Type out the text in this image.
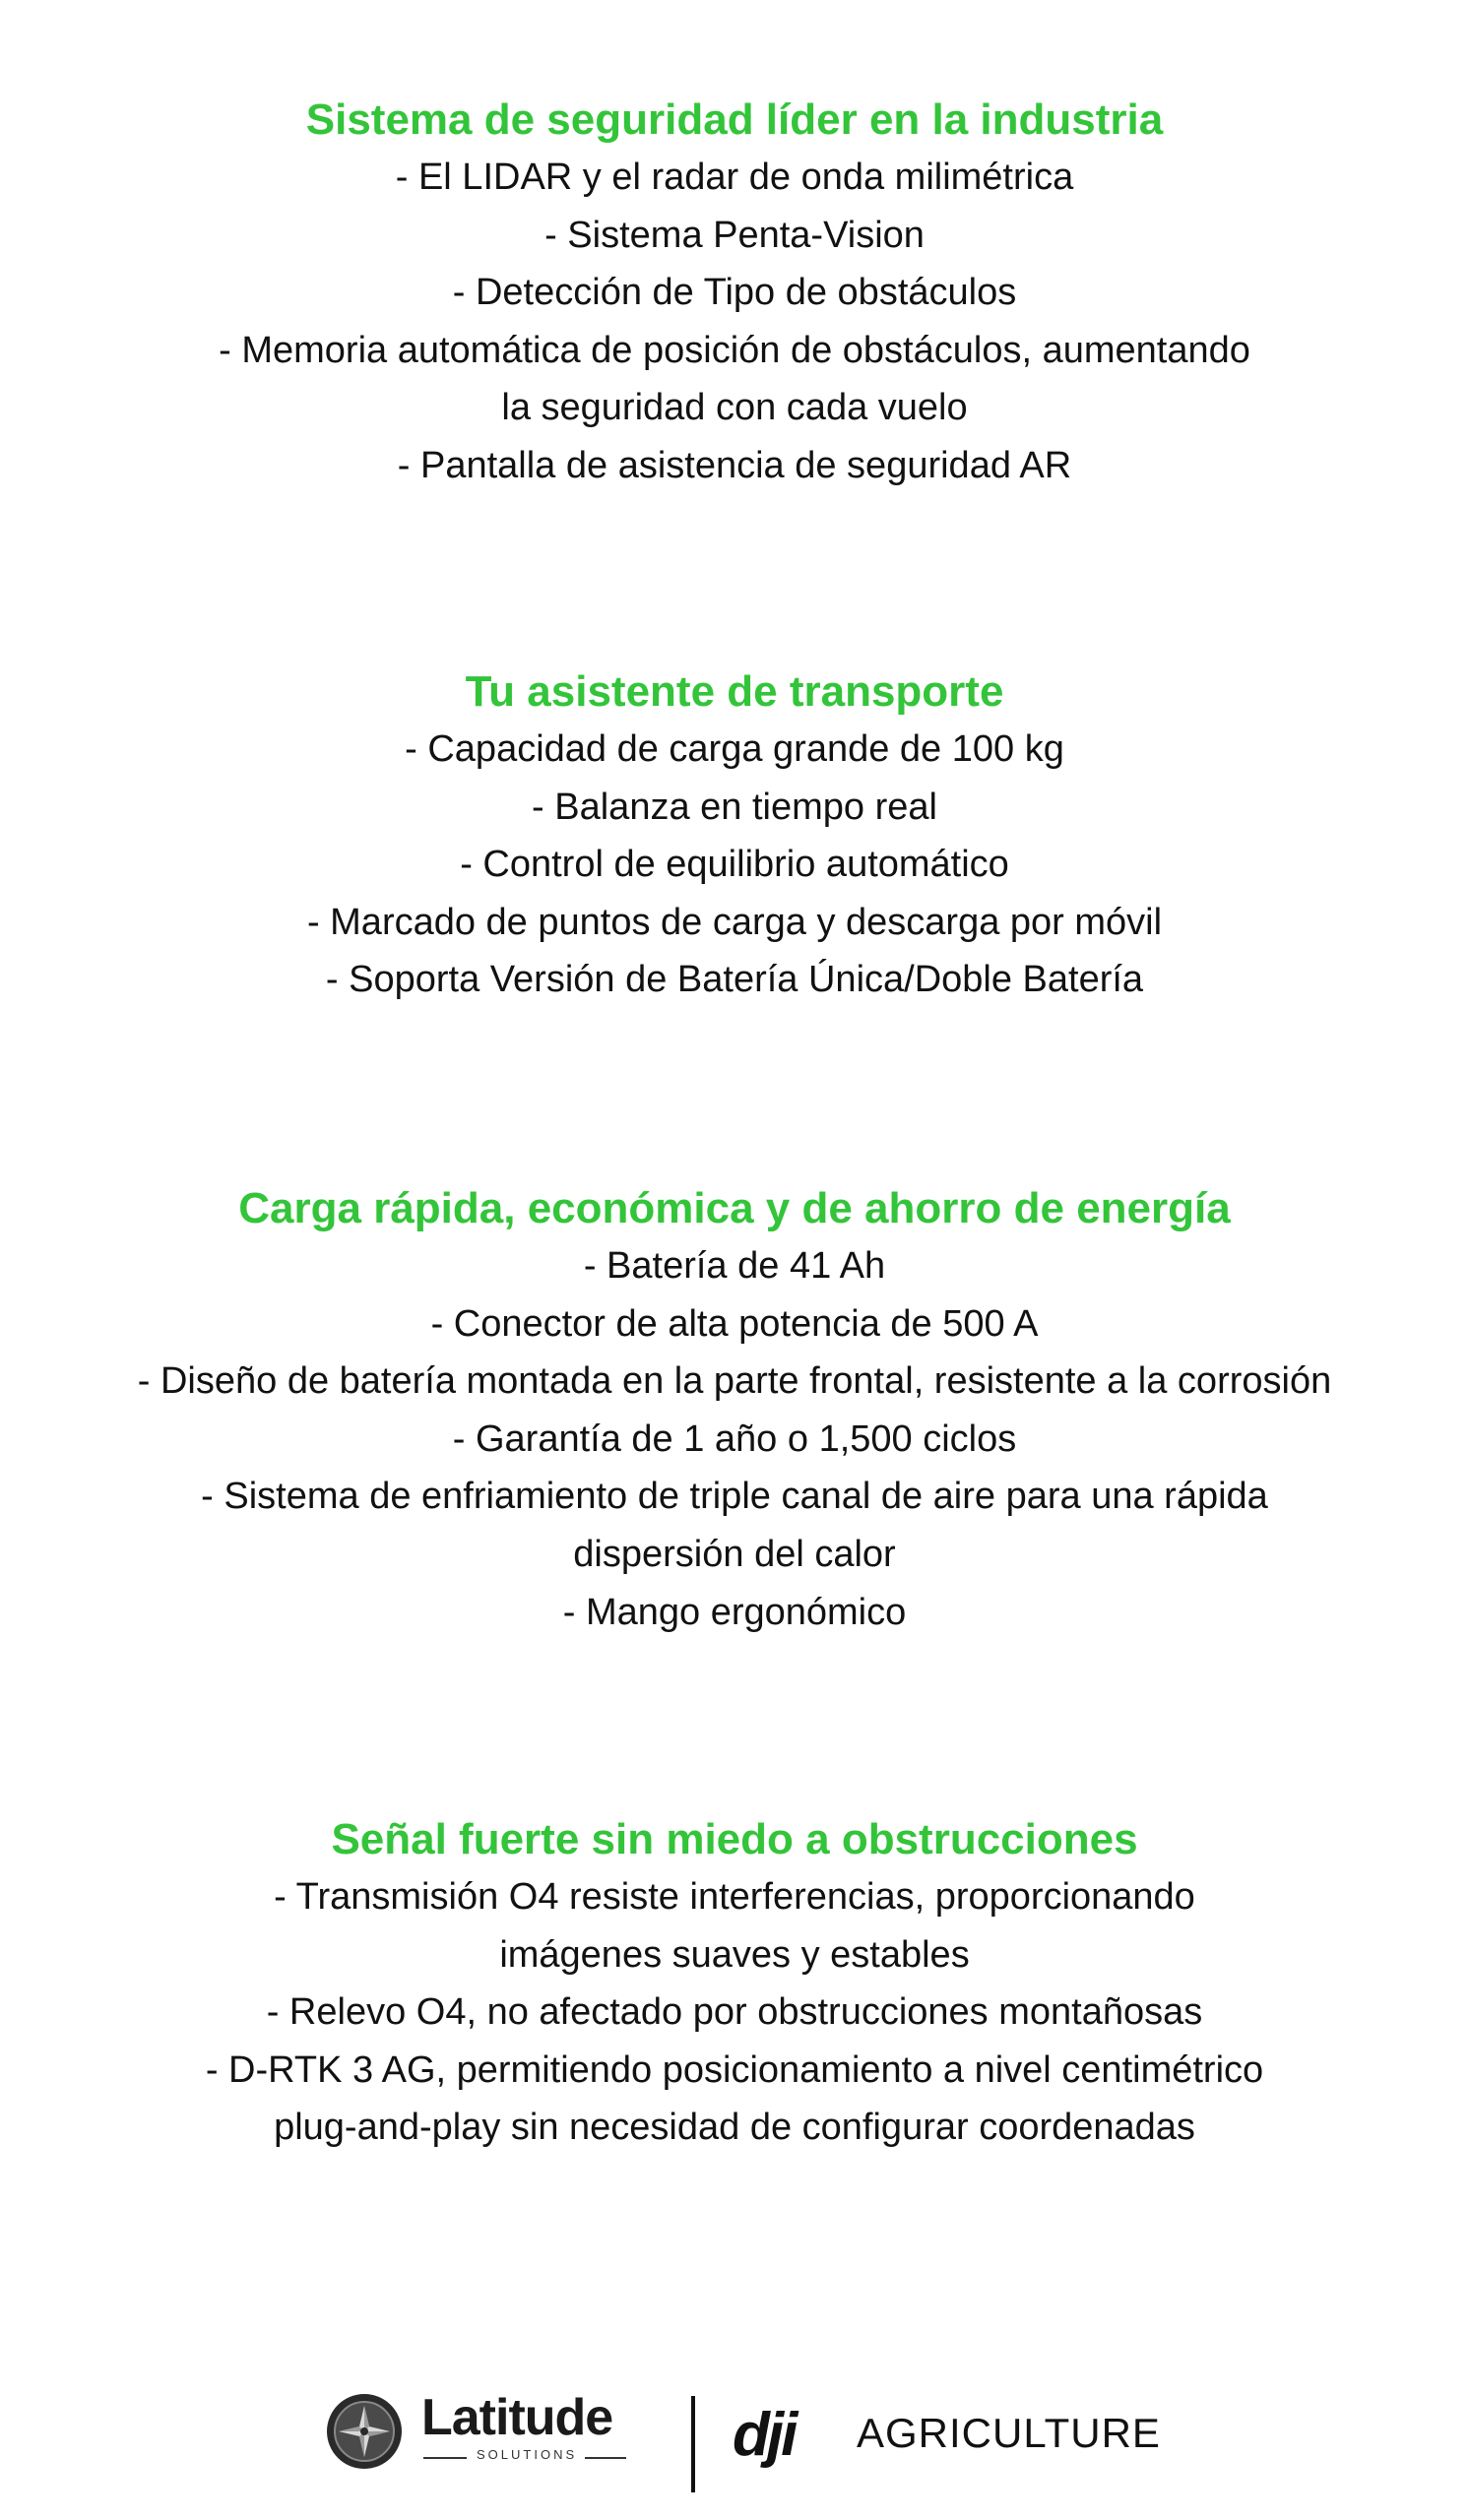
Sistema de seguridad líder en la industria
- El LIDAR y el radar de onda milimétrica
- Sistema Penta-Vision
- Detección de Tipo de obstáculos
- Memoria automática de posición de obstáculos, aumentando
la seguridad con cada vuelo
- Pantalla de asistencia de seguridad AR
Tu asistente de transporte
- Capacidad de carga grande de 100 kg
- Balanza en tiempo real
- Control de equilibrio automático
- Marcado de puntos de carga y descarga por móvil
- Soporta Versión de Batería Única/Doble Batería
Carga rápida, económica y de ahorro de energía
- Batería de 41 Ah
- Conector de alta potencia de 500 A
- Diseño de batería montada en la parte frontal, resistente a la corrosión
- Garantía de 1 año o 1,500 ciclos
- Sistema de enfriamiento de triple canal de aire para una rápida
dispersión del calor
- Mango ergonómico
Señal fuerte sin miedo a obstrucciones
- Transmisión O4 resiste interferencias, proporcionando
imágenes suaves y estables
- Relevo O4, no afectado por obstrucciones montañosas
- D-RTK 3 AG, permitiendo posicionamiento a nivel centimétrico
plug-and-play sin necesidad de configurar coordenadas
Latitude
SOLUTIONS	dji AGRICULTURE
